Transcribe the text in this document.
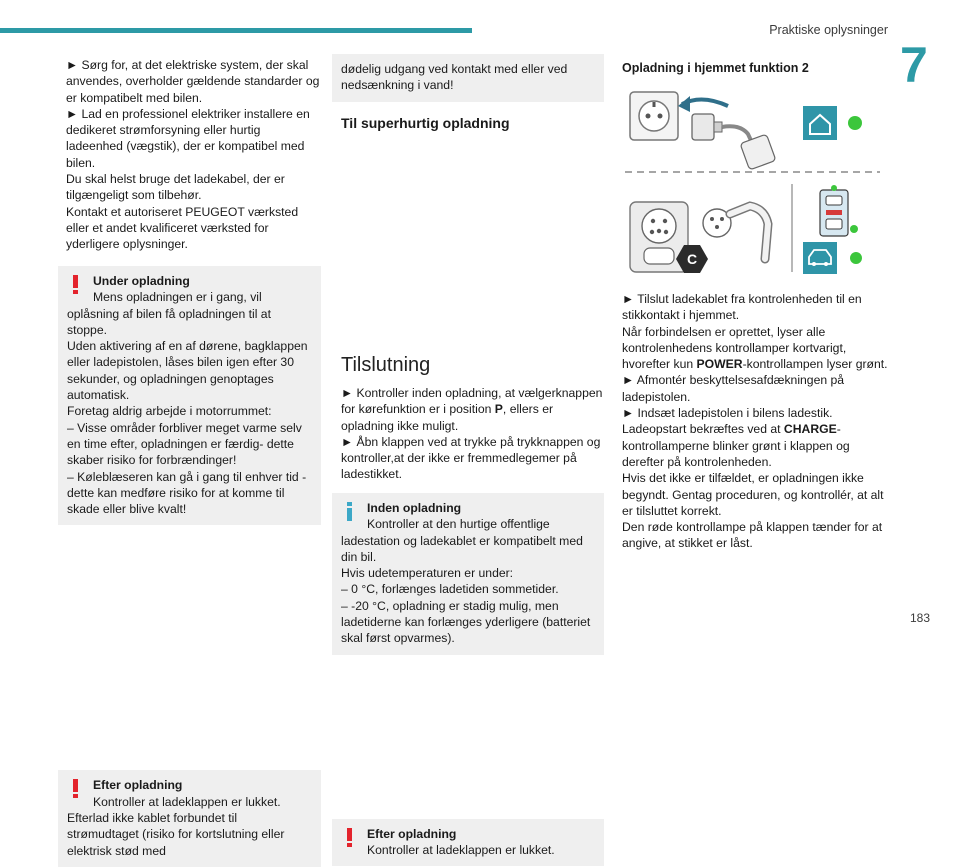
Praktiske oplysninger
7
183

► Sørg for, at det elektriske system, der skal anvendes, overholder gældende standarder og er kompatibelt med bilen.

► Lad en professionel elektriker installere en dedikeret strømforsyning eller hurtig ladeenhed (vægstik), der er kompatibel med bilen.

Du skal helst bruge det ladekabel, der er tilgængeligt som tilbehør.

Kontakt et autoriseret PEUGEOT værksted eller et andet kvalificeret værksted for yderligere oplysninger.

Under opladning

Mens opladningen er i gang, vil

oplåsning af bilen få opladningen til at stoppe.

Uden aktivering af en af dørene, bagklappen eller ladepistolen, låses bilen igen efter 30 sekunder, og opladningen genoptages automatisk.

Foretag aldrig arbejde i motorrummet:

– Visse områder forbliver meget varme selv en time efter, opladningen er færdig- dette skaber risiko for forbrændinger!

– Køleblæseren kan gå i gang til enhver tid - dette kan medføre risiko for at komme til skade eller blive kvalt!

Efter opladning

Kontroller at ladeklappen er lukket.

Efterlad ikke kablet forbundet til strømudtaget (risiko for kortslutning eller elektrisk stød med

dødelig udgang ved kontakt med eller ved nedsænkning i vand!

Til superhurtig opladning

Inden opladning

Kontroller at den hurtige offentlige

ladestation og ladekablet er kompatibelt med din bil.

Hvis udetemperaturen er under:

– 0 °C, forlænges ladetiden sommetider.

– -20 °C, opladning er stadig mulig, men ladetiderne kan forlænges yderligere (batteriet skal først opvarmes).

Efter opladning

Kontroller at ladeklappen er lukket.

Tilslutning

► Kontroller inden opladning, at vælgerknappen for kørefunktion er i position P, ellers er opladning ikke muligt.

► Åbn klappen ved at trykke på trykknappen og kontroller,at der ikke er fremmedlegemer på ladestikket.

Opladning i hjemmet funktion 2
C

► Tilslut ladekablet fra kontrolenheden til en stikkontakt i hjemmet.

Når forbindelsen er oprettet, lyser alle kontrolenhedens kontrollamper kortvarigt, hvorefter kun POWER-kontrollampen lyser grønt.

► Afmontér beskyttelsesafdækningen på ladepistolen.

► Indsæt ladepistolen i bilens ladestik. Ladeopstart bekræftes ved at CHARGE-kontrollamperne blinker grønt i klappen og derefter på kontrolenheden.

Hvis det ikke er tilfældet, er opladningen ikke begyndt. Gentag proceduren, og kontrollér, at alt er tilsluttet korrekt.

Den røde kontrollampe på klappen tænder for at angive, at stikket er låst.
